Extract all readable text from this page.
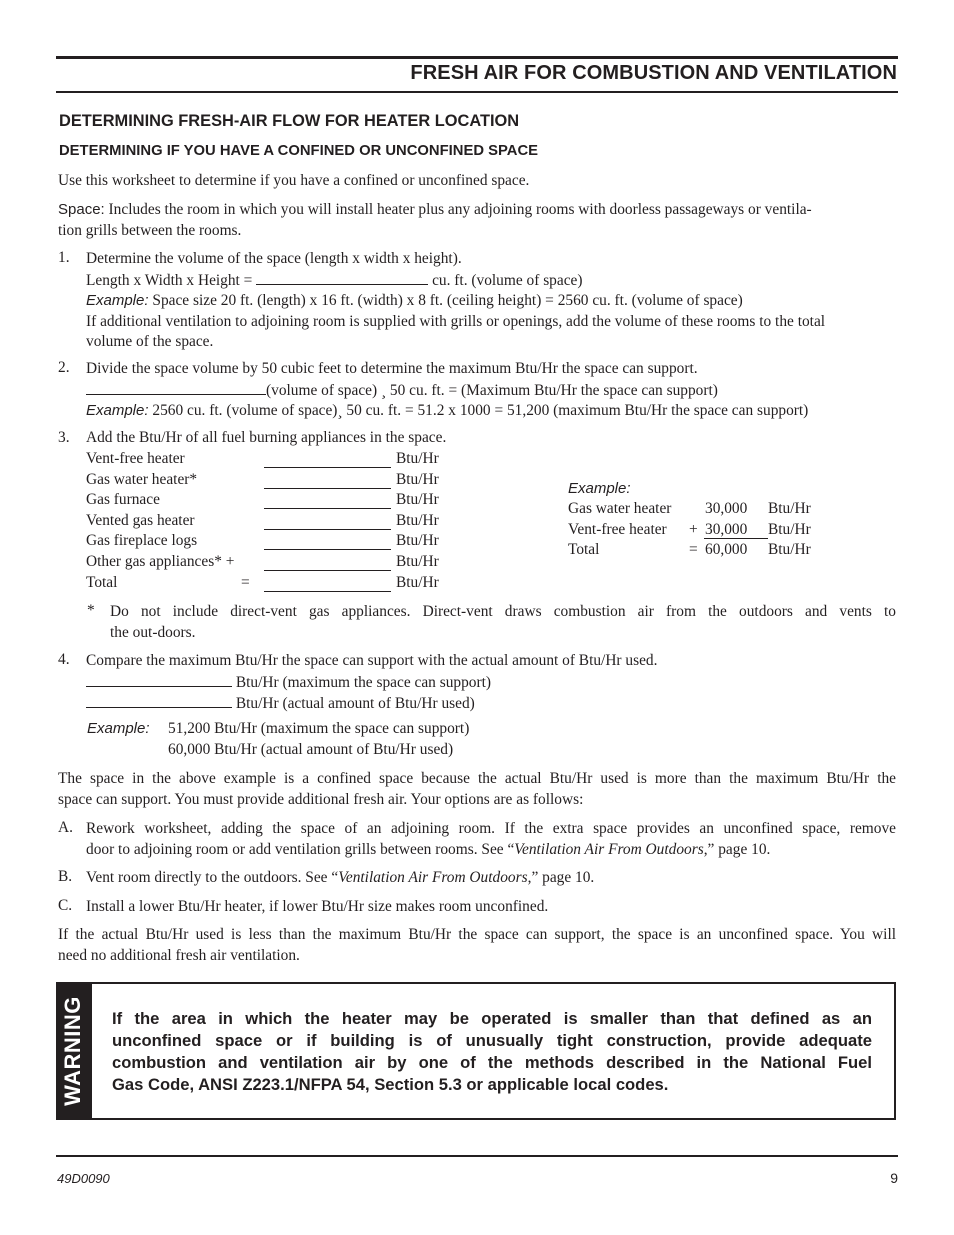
FRESH AIR FOR COMBUSTION AND VENTILATION
DETERMINING FRESH-AIR FLOW FOR HEATER LOCATION
DETERMINING IF YOU HAVE A CONFINED OR UNCONFINED SPACE
Use this worksheet to determine if you have a confined or unconfined space.
Space: Includes the room in which you will install heater plus any adjoining rooms with doorless passageways or ventila-
tion grills between the rooms.
1. Determine the volume of the space (length x width x height).
Length x Width x Height =	cu. ft. (volume of space)
Example: Space size 20 ft. (length) x 16 ft. (width) x 8 ft. (ceiling height) = 2560 cu. ft. (volume of space)
If additional ventilation to adjoining room is supplied with grills or openings, add the volume of these rooms to the total
volume of the space.
2. Divide the space volume by 50 cubic feet to determine the maximum Btu/Hr the space can support.
(volume of space) ¸ 50 cu. ft. = (Maximum Btu/Hr the space can support)
Example: 2560 cu. ft. (volume of space)¸ 50 cu. ft. = 51.2 x 1000 = 51,200 (maximum Btu/Hr the space can support)
3. Add the Btu/Hr of all fuel burning appliances in the space.
Vent-free heater	Btu/Hr
Gas water heater*	Btu/Hr
Gas furnace	Btu/Hr
Vented gas heater	Btu/Hr
Gas fireplace logs	Btu/Hr
Other gas appliances* +	Btu/Hr
Total	=	Btu/Hr
Example:
Gas water heater 30,000 Btu/Hr
Vent-free heater + 30,000 Btu/Hr
Total	= 60,000 Btu/Hr
* Do not include direct-vent gas appliances. Direct-vent draws combustion air from the outdoors and vents to
the out-doors.
4. Compare the maximum Btu/Hr the space can support with the actual amount of Btu/Hr used.
Btu/Hr (maximum the space can support)
Btu/Hr (actual amount of Btu/Hr used)
Example: 51,200 Btu/Hr (maximum the space can support)
60,000 Btu/Hr (actual amount of Btu/Hr used)
The space in the above example is a confined space because the actual Btu/Hr used is more than the maximum Btu/Hr the
space can support. You must provide additional fresh air. Your options are as follows:
A. Rework worksheet, adding the space of an adjoining room. If the extra space provides an unconfined space, remove
door to adjoining room or add ventilation grills between rooms. See “Ventilation Air From Outdoors,” page 10.
B. Vent room directly to the outdoors. See “Ventilation Air From Outdoors,” page 10.
C. Install a lower Btu/Hr heater, if lower Btu/Hr size makes room unconfined.
If the actual Btu/Hr used is less than the maximum Btu/Hr the space can support, the space is an unconfined space. You will
need no additional fresh air ventilation.
WARNING If the area in which the heater may be operated is smaller than that defined as an
unconfined space or if building is of unusually tight construction, provide adequate
combustion and ventilation air by one of the methods described in the National Fuel
Gas Code, ANSI Z223.1/NFPA 54, Section 5.3 or applicable local codes.
49D0090	9
